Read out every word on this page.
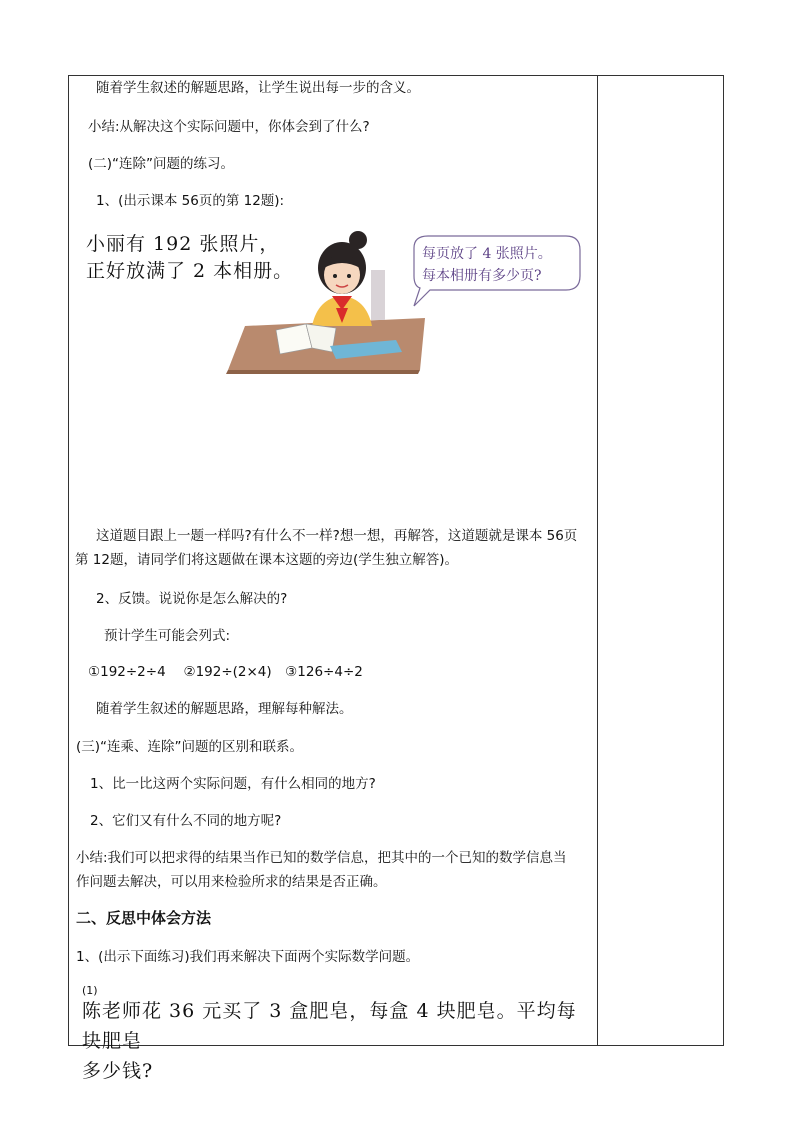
随着学生叙述的解题思路，让学生说出每一步的含义。
小结:从解决这个实际问题中，你体会到了什么?
(二)“连除”问题的练习。
1、(出示课本 56页的第 12题):
小丽有 192 张照片，
正好放满了 2 本相册。
每页放了 4 张照片。
每本相册有多少页?
这道题目跟上一题一样吗?有什么不一样?想一想，再解答，这道题就是课本 56页
第 12题，请同学们将这题做在课本这题的旁边(学生独立解答)。
2、反馈。说说你是怎么解决的?
预计学生可能会列式:
①192÷2÷4　 ②192÷(2×4)　③126÷4÷2
随着学生叙述的解题思路，理解每种解法。
(三)“连乘、连除”问题的区别和联系。
1、比一比这两个实际问题，有什么相同的地方?
2、它们又有什么不同的地方呢?
小结:我们可以把求得的结果当作已知的数学信息，把其中的一个已知的数学信息当
作问题去解决，可以用来检验所求的结果是否正确。
二、反思中体会方法
1、(出示下面练习)我们再来解决下面两个实际数学问题。
(1)
陈老师花 36 元买了 3 盒肥皂，每盒 4 块肥皂。平均每块肥皂
多少钱?
